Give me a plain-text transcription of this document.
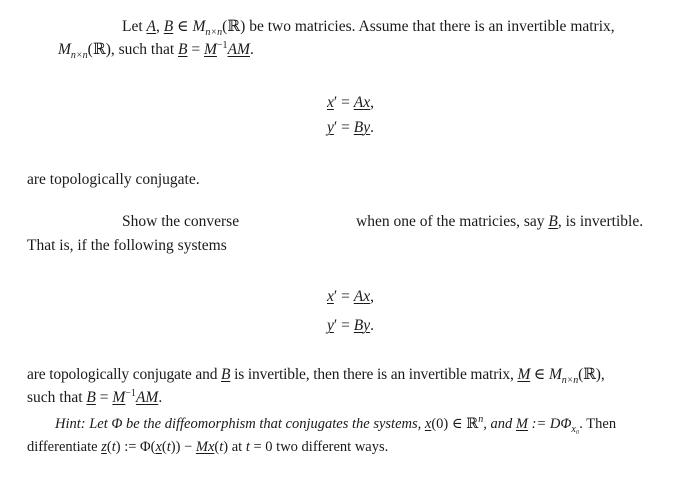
Let A, B ∈ $M_{n\times n}(ℝ)$ be two matricies. Assume that there is an invertible matrix,
$M_{n\times n}(ℝ)$, such that $B = M^{-1}AM$.
x′ = Ax,
y′ = By.
are topologically conjugate.
Show the converse	when one of the matricies, say B, is invertible.
That is, if the following systems
x′ = Ax,
y′ = By.
are topologically conjugate and B is invertible, then there is an invertible matrix, M ∈ $M_{n\times n}(ℝ)$,
such that $B = M^{-1}AM$.
Hint: Let Φ be the diffeomorphism that conjugates the systems, x(0) ∈ ℝ$^n$, and M := $D\Phi_{x_0}$. Then
differentiate z(t) := Φ(x(t)) − Mx(t) at t = 0 two different ways.
